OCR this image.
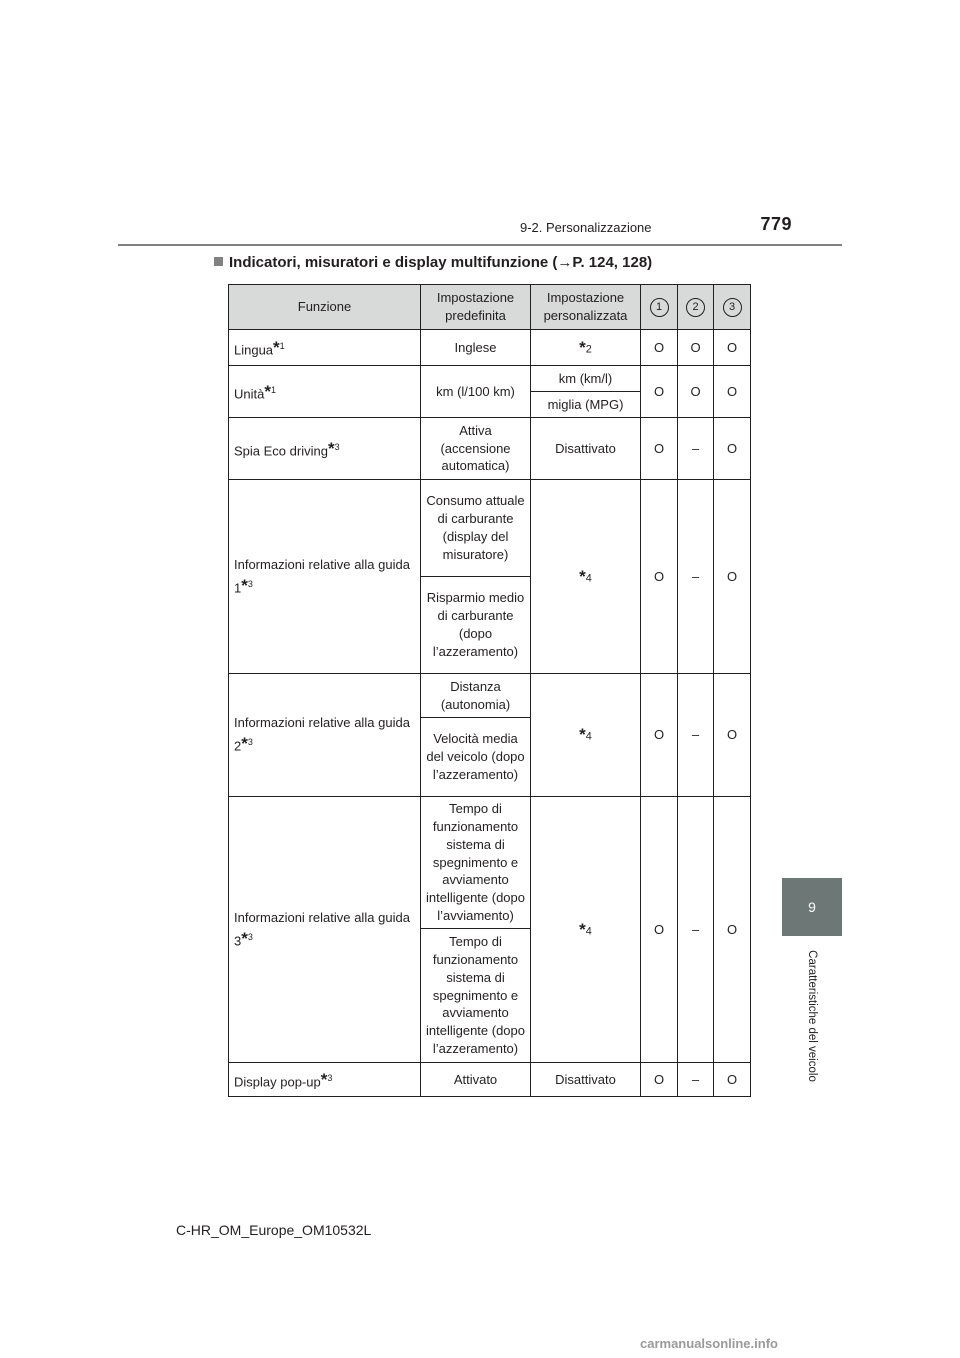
9-2. Personalizzazione	779
9
Caratteristiche del veicolo
Indicatori, misuratori e display multifunzione (→P. 124, 128)
Funzione	Impostazione predefinita	Impostazione personalizzata	1	2	3
Lingua$^{*1}$	Inglese	$*_2$	O	O	O
Unità$^{*1}$	km (l/100 km)	km (km/l)	O	O	O
		miglia (MPG)			
Spia Eco driving$^{*3}$	Attiva (accensione automatica)	Disattivato	O	–	O
Informazioni relative alla guida 1$^{*3}$	Consumo attuale di carburante (display del misuratore)	$*_4$	O	–	O
	Risparmio medio di carburante (dopo l’azzeramento)				
Informazioni relative alla guida 2$^{*3}$	Distanza (autonomia)	$*_4$	O	–	O
	Velocità media del veicolo (dopo l’azzeramento)				
Informazioni relative alla guida 3$^{*3}$	Tempo di funzionamento sistema di spegnimento e avviamento intelligente (dopo l’avviamento)	$*_4$	O	–	O
	Tempo di funzionamento sistema di spegnimento e avviamento intelligente (dopo l’azzeramento)				
Display pop-$up^{*3}$	Attivato	Disattivato	O	–	O
C-HR_OM_Europe_OM10532L
carmanualsonline.info
